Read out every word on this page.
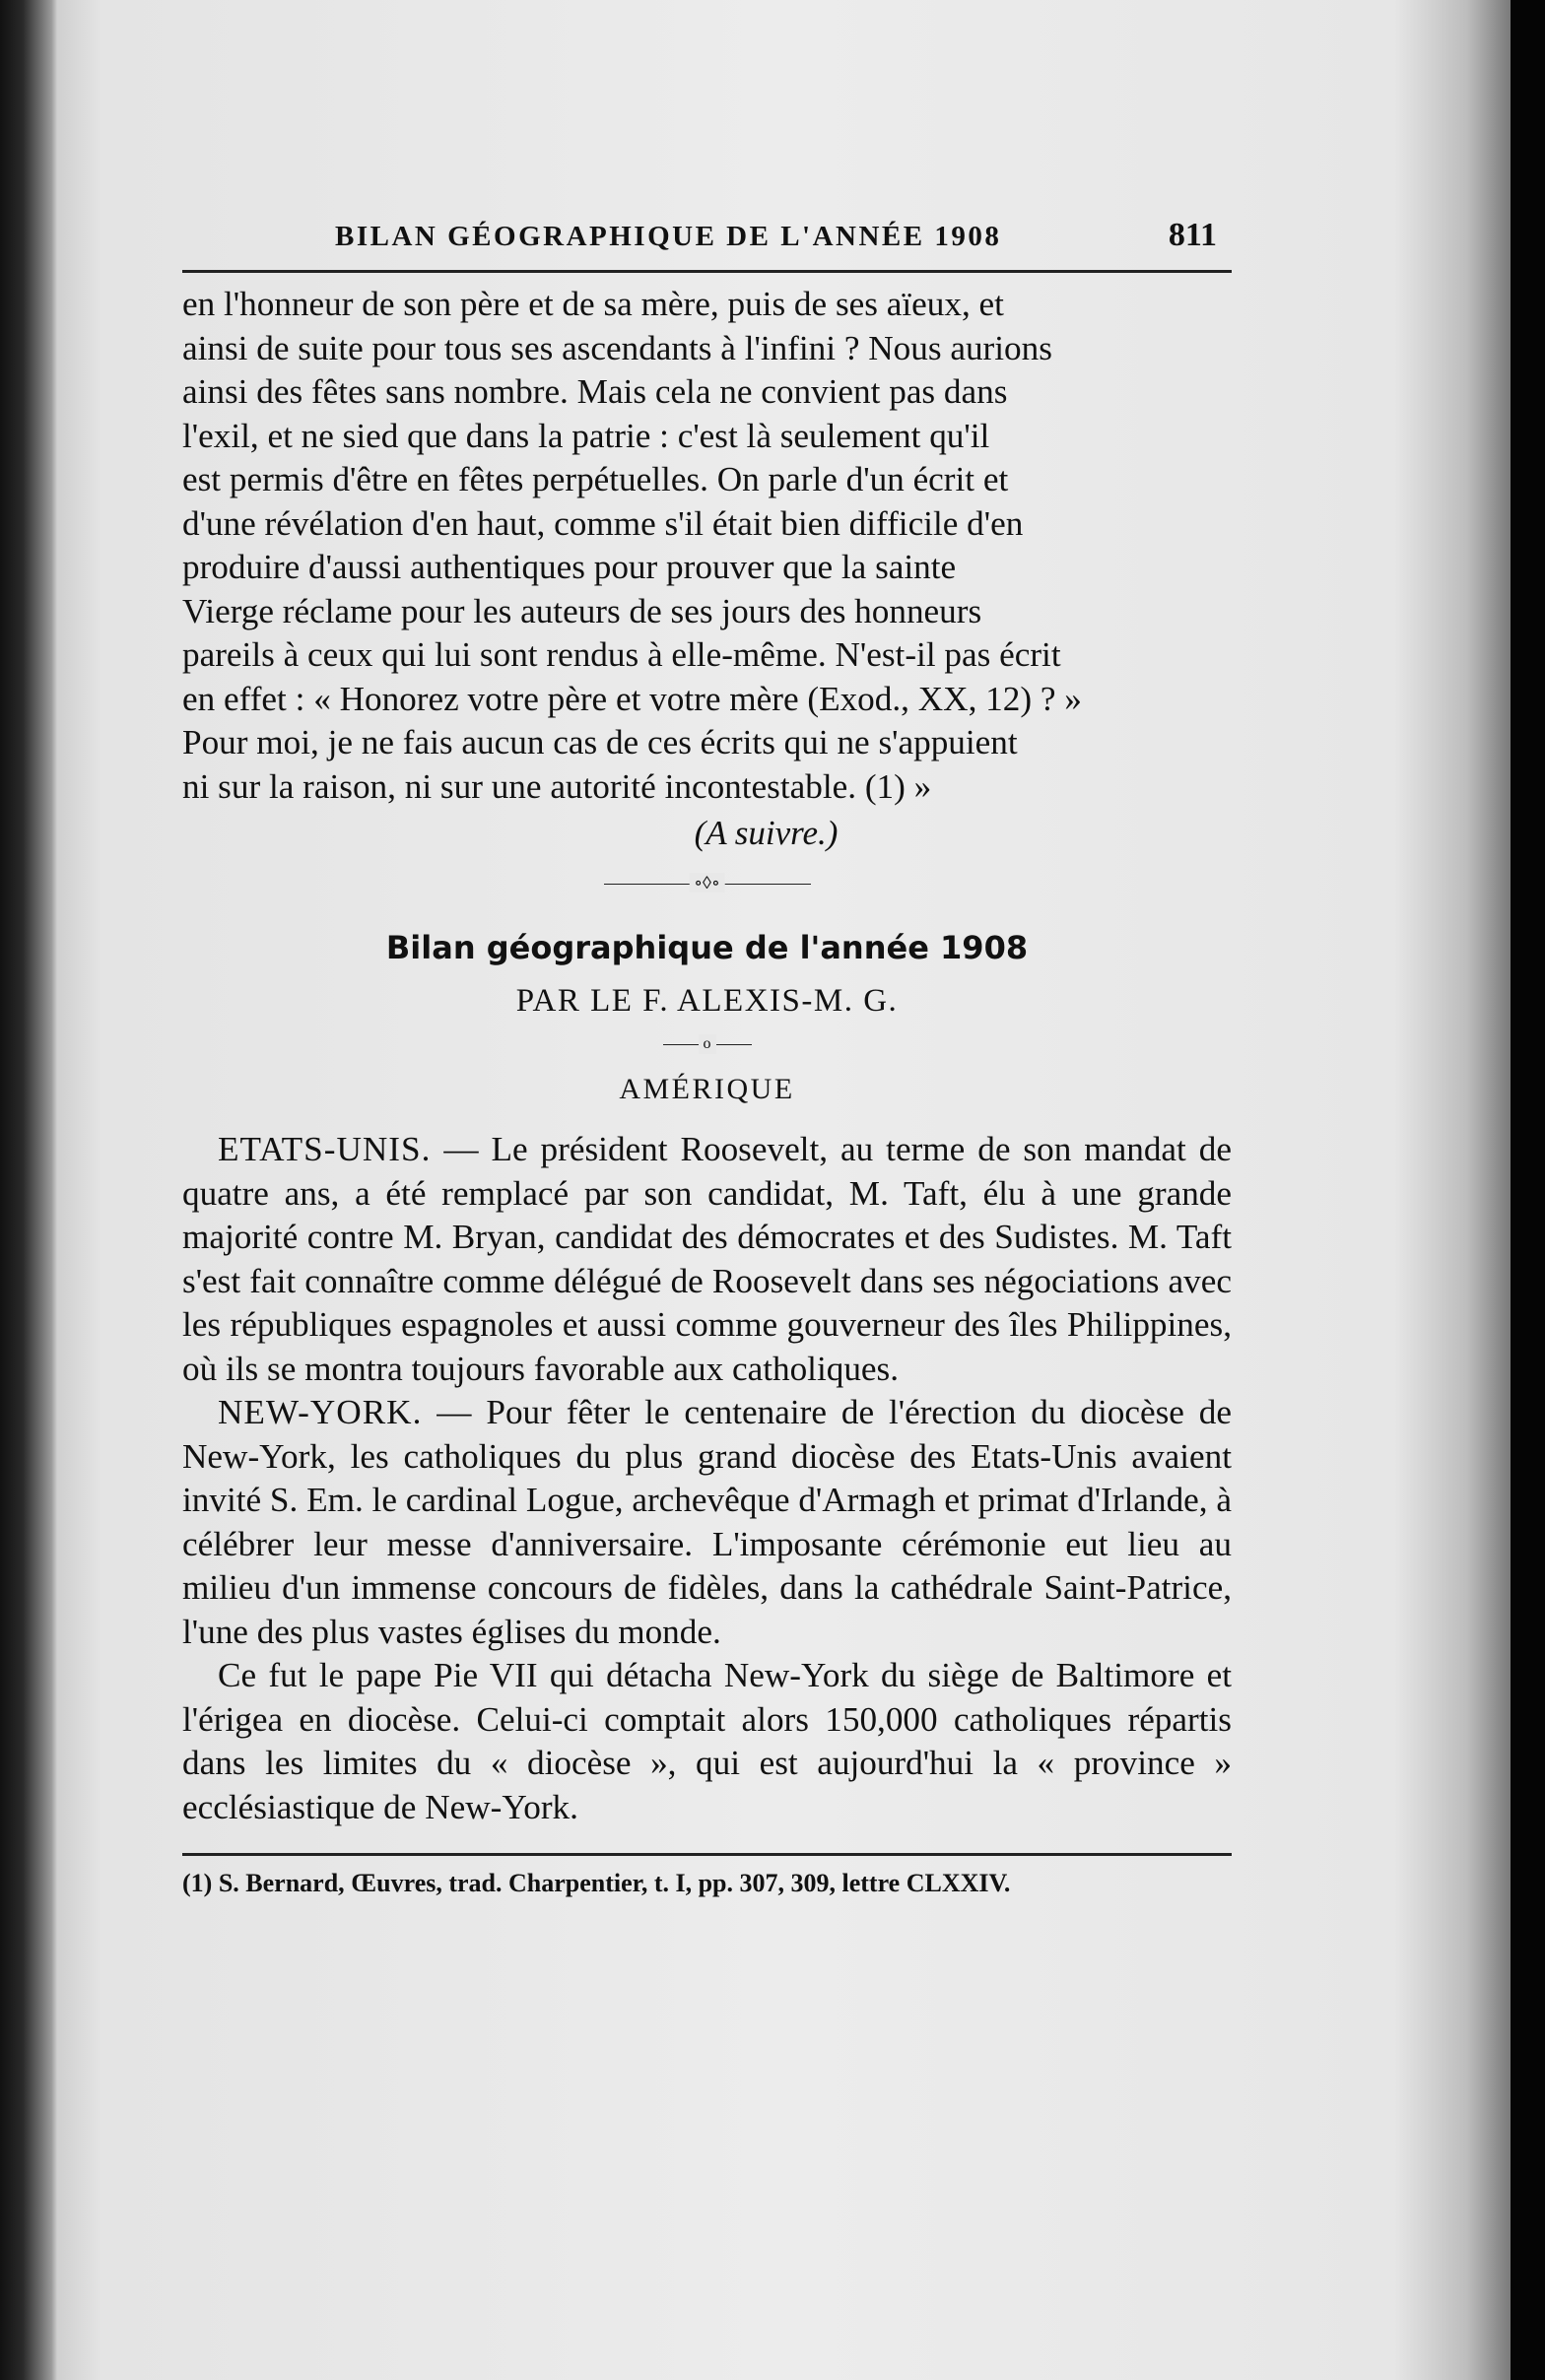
BILAN GÉOGRAPHIQUE DE L'ANNÉE 1908	811

en l'honneur de son père et de sa mère, puis de ses aïeux, et

ainsi de suite pour tous ses ascendants à l'infini ? Nous aurions

ainsi des fêtes sans nombre. Mais cela ne convient pas dans

l'exil, et ne sied que dans la patrie : c'est là seulement qu'il

est permis d'être en fêtes perpétuelles. On parle d'un écrit et

d'une révélation d'en haut, comme s'il était bien difficile d'en

produire d'aussi authentiques pour prouver que la sainte

Vierge réclame pour les auteurs de ses jours des honneurs

pareils à ceux qui lui sont rendus à elle-même. N'est-il pas écrit

en effet : « Honorez votre père et votre mère (Exod., XX, 12) ? »

Pour moi, je ne fais aucun cas de ces écrits qui ne s'appuient

ni sur la raison, ni sur une autorité incontestable. (1) »

(A suivre.)
∘◊∘
Bilan géographique de l'année 1908
PAR LE F. ALEXIS-M. G.
o
AMÉRIQUE

ETATS-UNIS. — Le président Roosevelt, au terme de son mandat de quatre ans, a été remplacé par son candidat, M. Taft, élu à une grande majorité contre M. Bryan, candidat des démocrates et des Sudistes. M. Taft s'est fait connaître comme délégué de Roosevelt dans ses négociations avec les républiques espagnoles et aussi comme gouverneur des îles Philippines, où ils se montra toujours favorable aux catholiques.

NEW-YORK. — Pour fêter le centenaire de l'érection du diocèse de New-York, les catholiques du plus grand diocèse des Etats-Unis avaient invité S. Em. le cardinal Logue, archevêque d'Armagh et primat d'Irlande, à célébrer leur messe d'anniversaire. L'imposante cérémonie eut lieu au milieu d'un immense concours de fidèles, dans la cathédrale Saint-Patrice, l'une des plus vastes églises du monde.

Ce fut le pape Pie VII qui détacha New-York du siège de Baltimore et l'érigea en diocèse. Celui-ci comptait alors 150,000 catholiques répartis dans les limites du « diocèse », qui est aujourd'hui la « province » ecclésiastique de New-York.

(1) S. Bernard, Œuvres, trad. Charpentier, t. I, pp. 307, 309, lettre CLXXIV.
